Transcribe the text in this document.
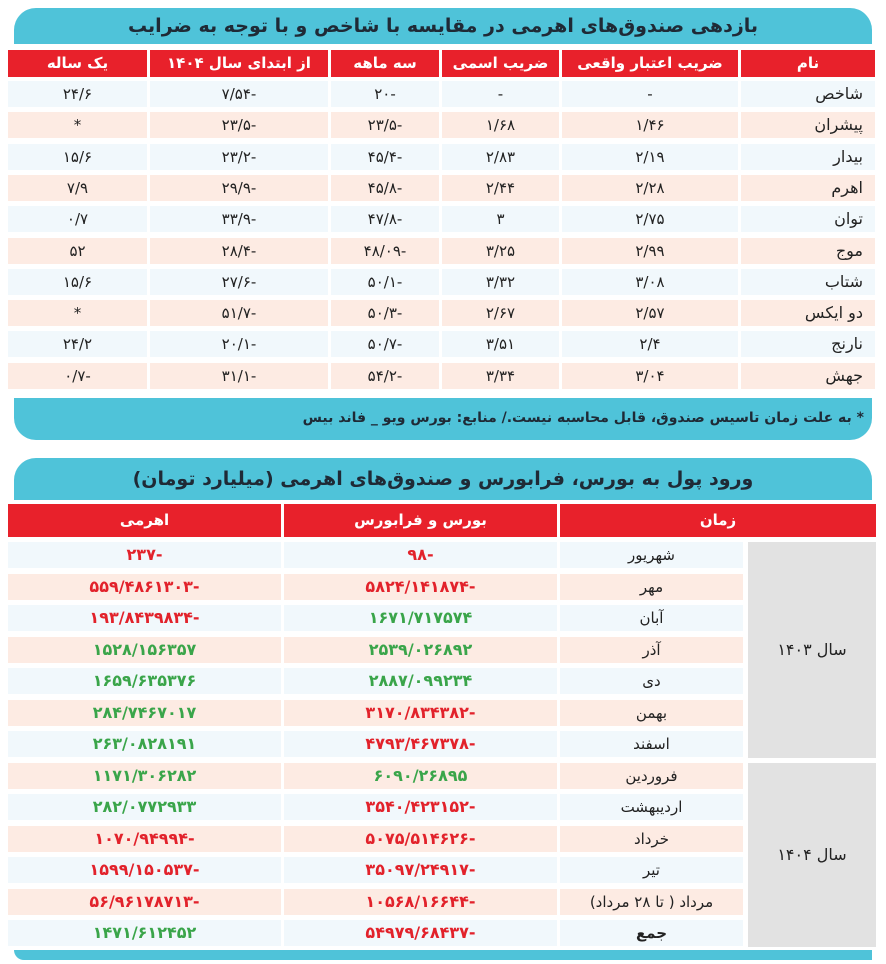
بازدهی صندوق‌های اهرمی در مقایسه با شاخص و با توجه به ضرایب
* به علت زمان تاسیس صندوق، قابل محاسبه نیست./ منابع: بورس ویو _ فاند بیس
ورود پول به بورس، فرابورس و صندوق‌های اهرمی (میلیارد تومان)
نام
ضریب اعتبار واقعی
ضریب اسمی
سه ماهه
از ابتدای سال ۱۴۰۴
یک ساله
شاخص
-
-
-۲۰
-۷/۵۴
۲۴/۶
پیشران
۱/۴۶
۱/۶۸
-۲۳/۵
-۲۳/۵
*
بیدار
۲/۱۹
۲/۸۳
-۴۵/۴
-۲۳/۲
۱۵/۶
اهرم
۲/۲۸
۲/۴۴
-۴۵/۸
-۲۹/۹
۷/۹
توان
۲/۷۵
۳
-۴۷/۸
-۳۳/۹
۰/۷
موج
۲/۹۹
۳/۲۵
-۴۸/۰۹
-۲۸/۴
۵۲
شتاب
۳/۰۸
۳/۳۲
-۵۰/۱
-۲۷/۶
۱۵/۶
دو ایکس
۲/۵۷
۲/۶۷
-۵۰/۳
-۵۱/۷
*
نارنج
۲/۴
۳/۵۱
-۵۰/۷
-۲۰/۱
۲۴/۲
جهش
۳/۰۴
۳/۳۴
-۵۴/۲
-۳۱/۱
-۰/۷
زمان
بورس و فرابورس
اهرمی
شهریور
-۹۸
-۲۳۷
مهر
-۵۸۲۴/۱۴۱۸۷۴
-۵۵۹/۴۸۶۱۳۰۳
آبان
۱۶۷۱/۷۱۷۵۷۴
-۱۹۳/۸۴۳۹۸۳۴
آذر
۲۵۳۹/۰۲۶۸۹۲
۱۵۲۸/۱۵۶۳۵۷
دی
۲۸۸۷/۰۹۹۲۳۴
۱۶۵۹/۶۳۵۳۷۶
بهمن
-۳۱۷۰/۸۳۴۳۸۲
۲۸۴/۷۴۶۷۰۱۷
اسفند
-۴۷۹۳/۴۶۷۳۷۸
۲۶۳/۰۸۲۸۱۹۱
فروردین
۶۰۹۰/۲۶۸۹۵
۱۱۷۱/۳۰۶۲۸۲
اردیبهشت
-۳۵۴۰/۴۲۳۱۵۲
۲۸۲/۰۷۷۲۹۳۳
خرداد
-۵۰۷۵/۵۱۴۶۲۶
-۱۰۷۰/۹۴۹۹۴
تیر
-۳۵۰۹۷/۲۴۹۱۷
-۱۵۹۹/۱۵۰۵۳۷
مرداد ( تا ۲۸ مرداد)
-۱۰۵۶۸/۱۶۶۴۴
-۵۶/۹۶۱۷۸۷۱۳
جمع
-۵۴۹۷۹/۶۸۴۳۷
۱۴۷۱/۶۱۲۴۵۲
سال ۱۴۰۳
سال ۱۴۰۴
